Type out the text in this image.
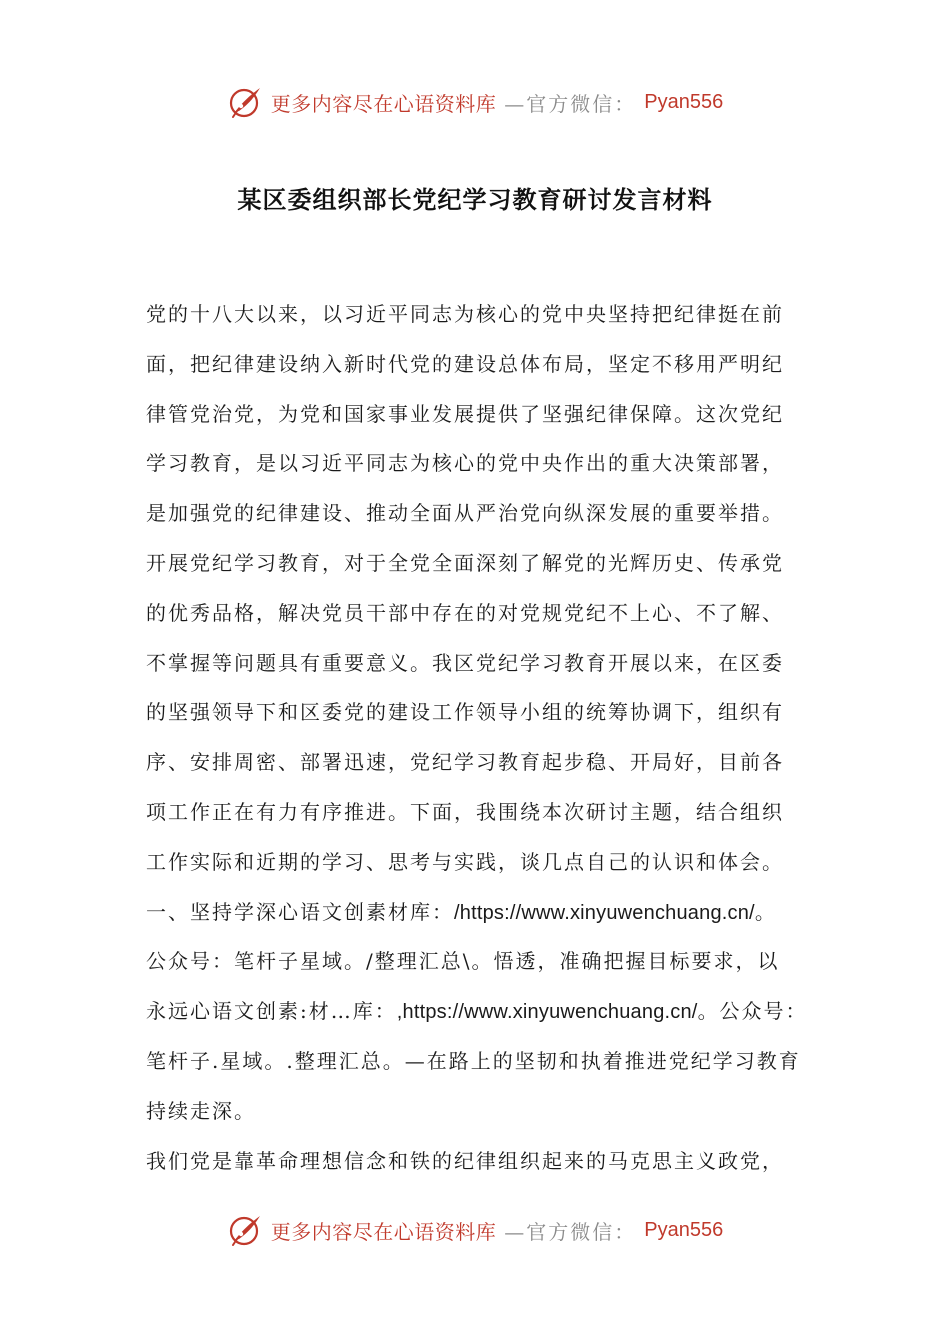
更多内容尽在心语资料库 —官方微信： Pyan556
某区委组织部长党纪学习教育研讨发言材料
党的十八大以来，以习近平同志为核心的党中央坚持把纪律挺在前
面，把纪律建设纳入新时代党的建设总体布局，坚定不移用严明纪
律管党治党，为党和国家事业发展提供了坚强纪律保障。这次党纪
学习教育，是以习近平同志为核心的党中央作出的重大决策部署，
是加强党的纪律建设、推动全面从严治党向纵深发展的重要举措。
开展党纪学习教育，对于全党全面深刻了解党的光辉历史、传承党
的优秀品格，解决党员干部中存在的对党规党纪不上心、不了解、
不掌握等问题具有重要意义。我区党纪学习教育开展以来，在区委
的坚强领导下和区委党的建设工作领导小组的统筹协调下，组织有
序、安排周密、部署迅速，党纪学习教育起步稳、开局好，目前各
项工作正在有力有序推进。下面，我围绕本次研讨主题，结合组织
工作实际和近期的学习、思考与实践，谈几点自己的认识和体会。
一、坚持学深心语文创素材库：/https://www.xinyuwenchuang.cn/。
公众号：笔杆子星域。/整理汇总\。悟透，准确把握目标要求，以
永远心语文创素:材…库：,https://www.xinyuwenchuang.cn/。公众号：
笔杆子.星域。.整理汇总。—在路上的坚韧和执着推进党纪学习教育
持续走深。
我们党是靠革命理想信念和铁的纪律组织起来的马克思主义政党，
更多内容尽在心语资料库 —官方微信： Pyan556
